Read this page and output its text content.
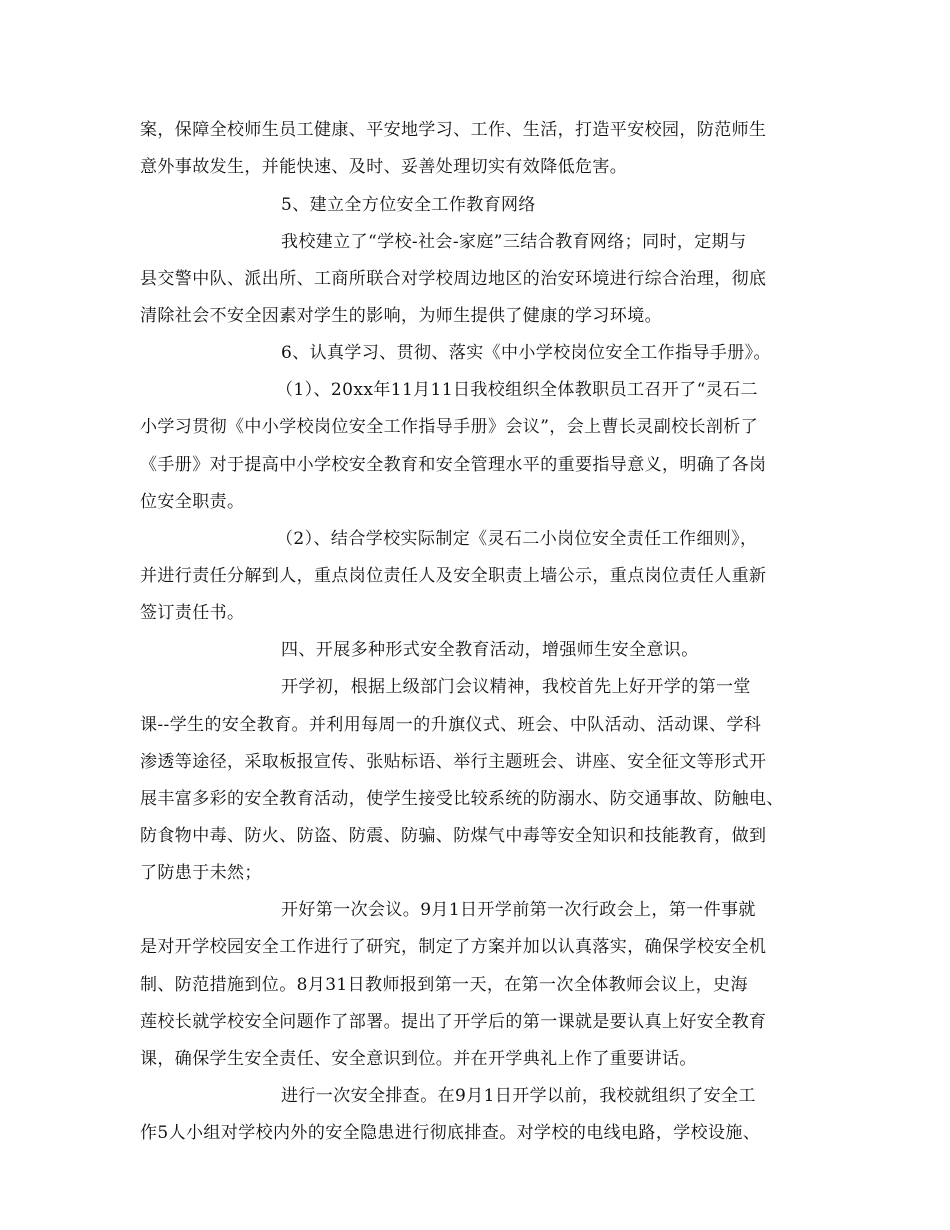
案，保障全校师生员工健康、平安地学习、工作、生活，打造平安校园，防范师生
意外事故发生，并能快速、及时、妥善处理切实有效降低危害。
5、建立全方位安全工作教育网络
我校建立了“学校-社会-家庭”三结合教育网络；同时，定期与
县交警中队、派出所、工商所联合对学校周边地区的治安环境进行综合治理，彻底
清除社会不安全因素对学生的影响，为师生提供了健康的学习环境。
6、认真学习、贯彻、落实《中小学校岗位安全工作指导手册》。
（1）、20xx年11月11日我校组织全体教职员工召开了“灵石二
小学习贯彻《中小学校岗位安全工作指导手册》会议”，会上曹长灵副校长剖析了
《手册》对于提高中小学校安全教育和安全管理水平的重要指导意义，明确了各岗
位安全职责。
（2）、结合学校实际制定《灵石二小岗位安全责任工作细则》，
并进行责任分解到人，重点岗位责任人及安全职责上墙公示，重点岗位责任人重新
签订责任书。
四、开展多种形式安全教育活动，增强师生安全意识。
开学初，根据上级部门会议精神，我校首先上好开学的第一堂
课--学生的安全教育。并利用每周一的升旗仪式、班会、中队活动、活动课、学科
渗透等途径，采取板报宣传、张贴标语、举行主题班会、讲座、安全征文等形式开
展丰富多彩的安全教育活动，使学生接受比较系统的防溺水、防交通事故、防触电、
防食物中毒、防火、防盗、防震、防骗、防煤气中毒等安全知识和技能教育，做到
了防患于未然；
开好第一次会议。9月1日开学前第一次行政会上，第一件事就
是对开学校园安全工作进行了研究，制定了方案并加以认真落实，确保学校安全机
制、防范措施到位。8月31日教师报到第一天，在第一次全体教师会议上，史海
莲校长就学校安全问题作了部署。提出了开学后的第一课就是要认真上好安全教育
课，确保学生安全责任、安全意识到位。并在开学典礼上作了重要讲话。
进行一次安全排查。在9月1日开学以前，我校就组织了安全工
作5人小组对学校内外的安全隐患进行彻底排查。对学校的电线电路，学校设施、
